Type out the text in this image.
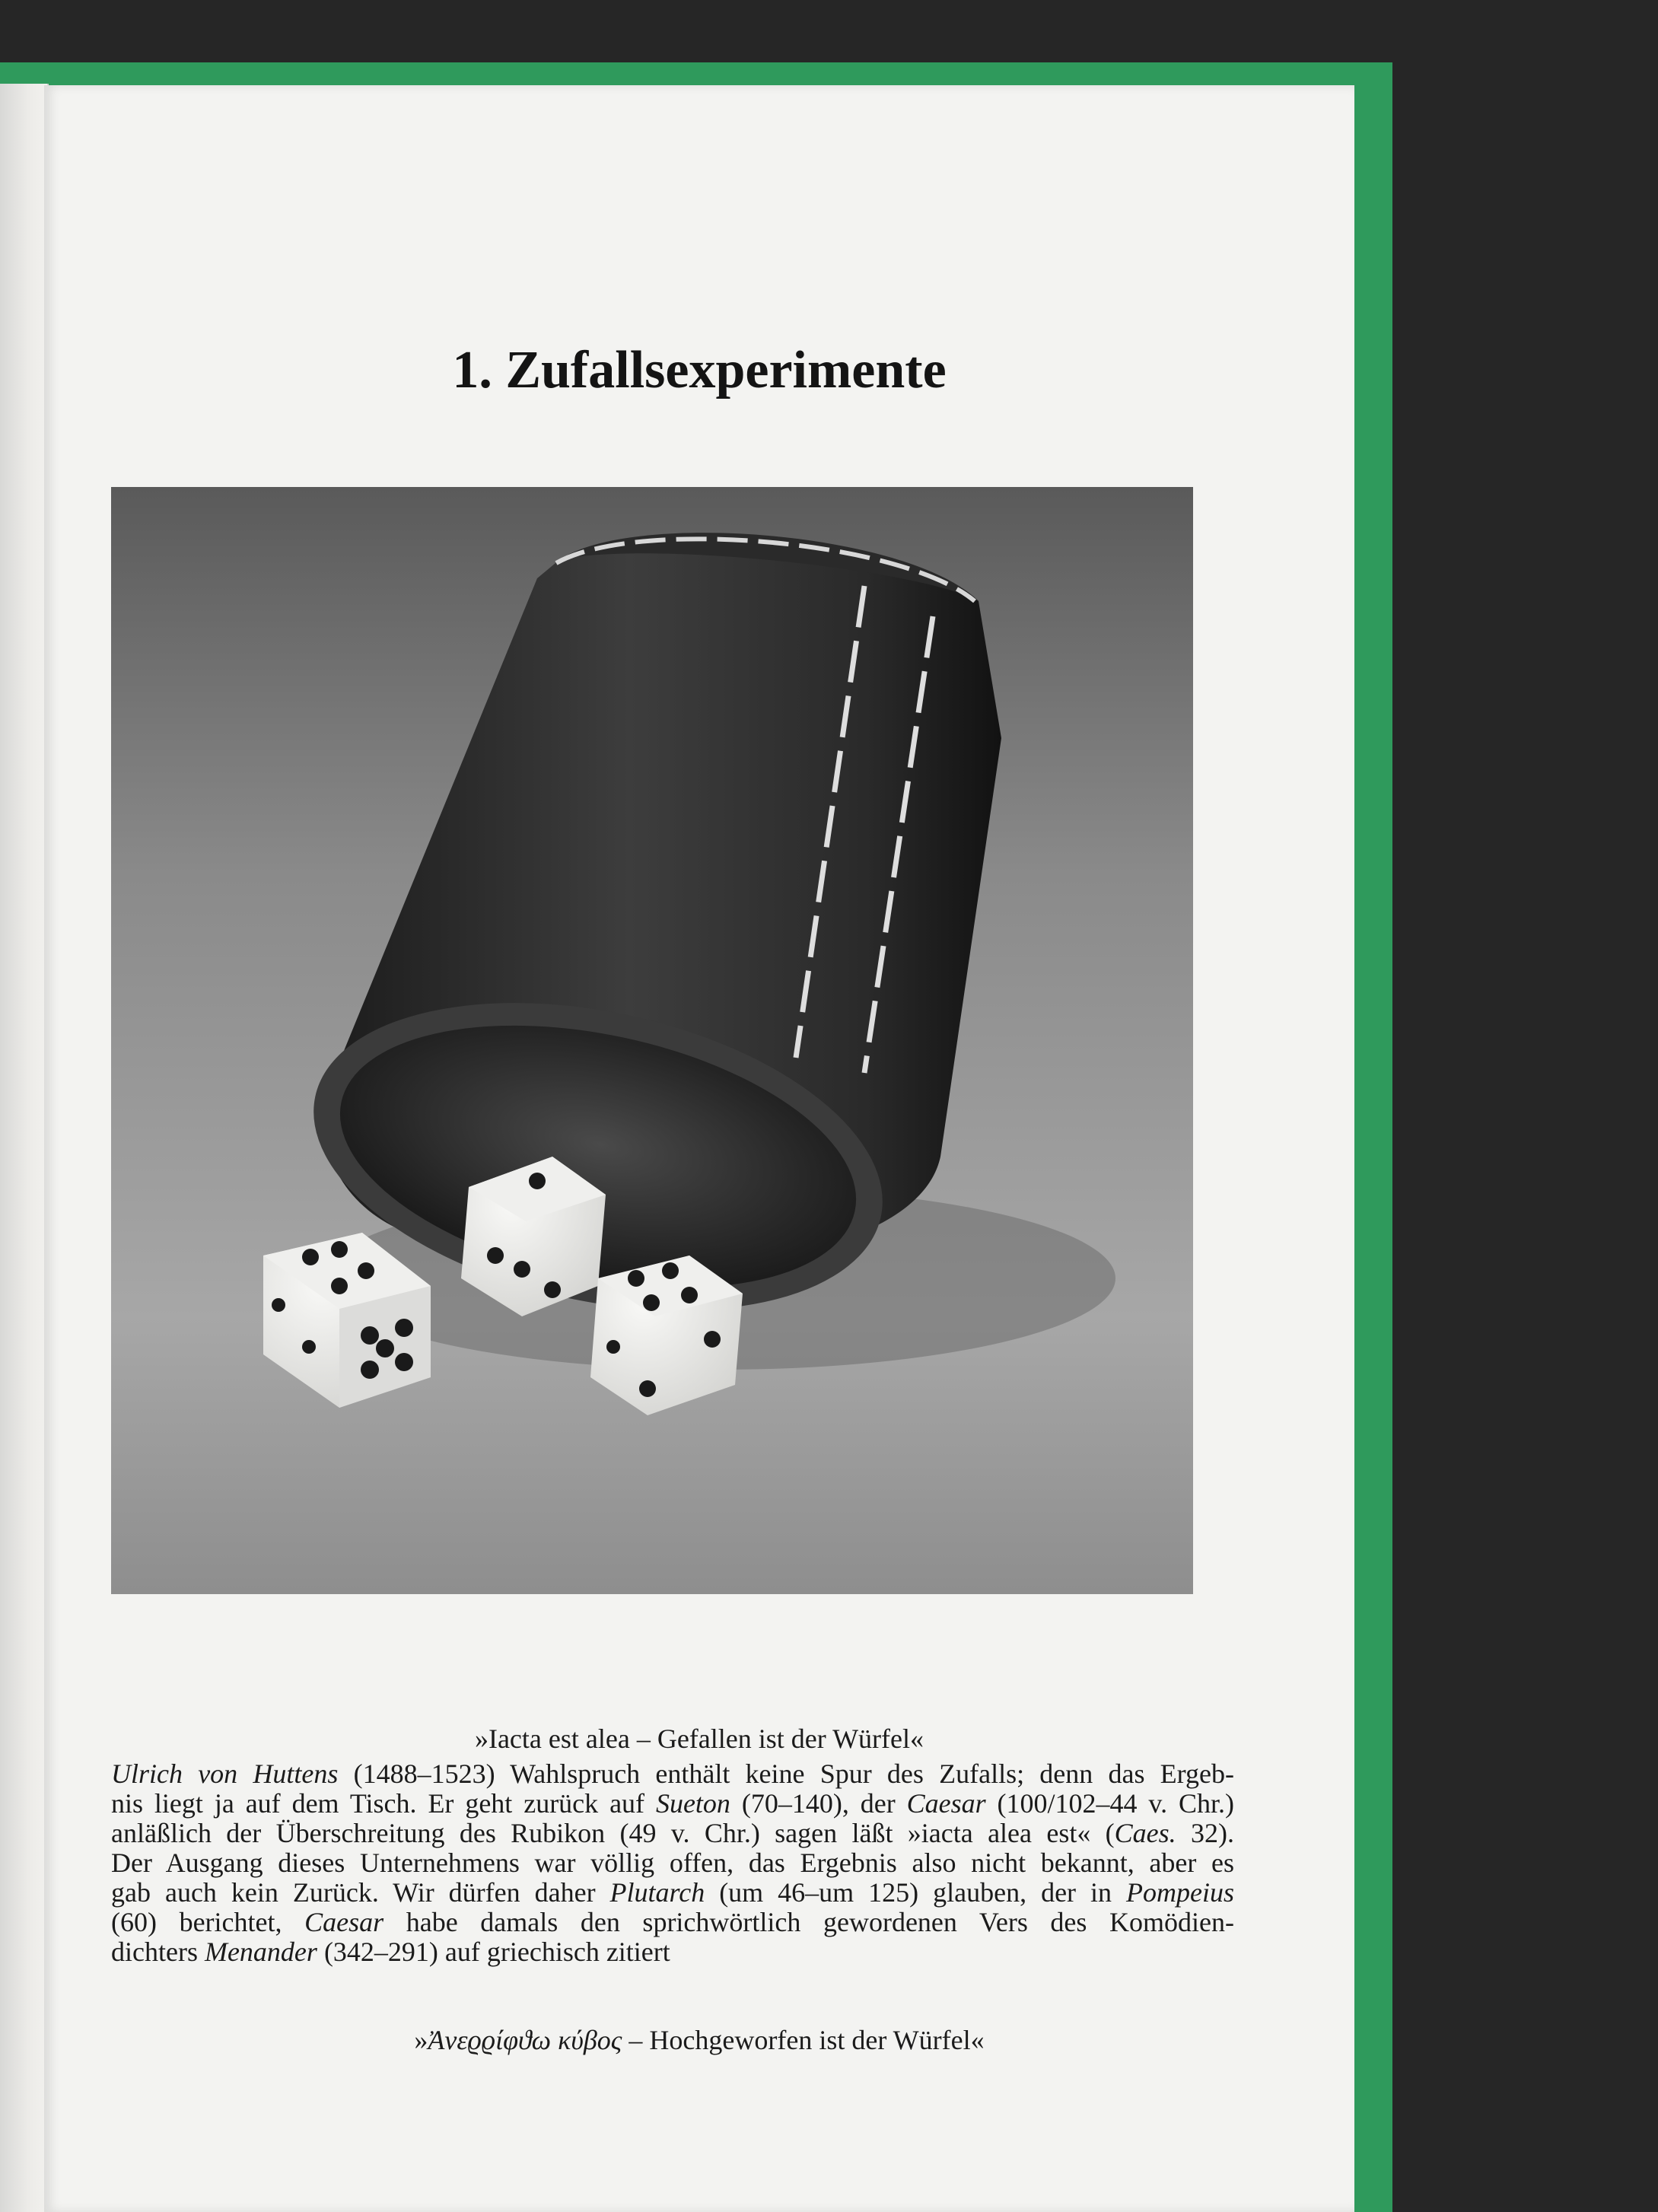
1. Zufallsexperimente
»Iacta est alea – Gefallen ist der Würfel«
Ulrich von Huttens (1488–1523) Wahlspruch enthält keine Spur des Zufalls; denn das Ergeb-
nis liegt ja auf dem Tisch. Er geht zurück auf Sueton (70–140), der Caesar (100/102–44 v. Chr.)
anläßlich der Überschreitung des Rubikon (49 v. Chr.) sagen läßt »iacta alea est« (Caes. 32).
Der Ausgang dieses Unternehmens war völlig offen, das Ergebnis also nicht bekannt, aber es
gab auch kein Zurück. Wir dürfen daher Plutarch (um 46–um 125) glauben, der in Pompeius
(60) berichtet, Caesar habe damals den sprichwörtlich gewordenen Vers des Komödien-
dichters Menander (342–291) auf griechisch zitiert
»Ἀνεϱϱίφϑω κύβος – Hochgeworfen ist der Würfel«
